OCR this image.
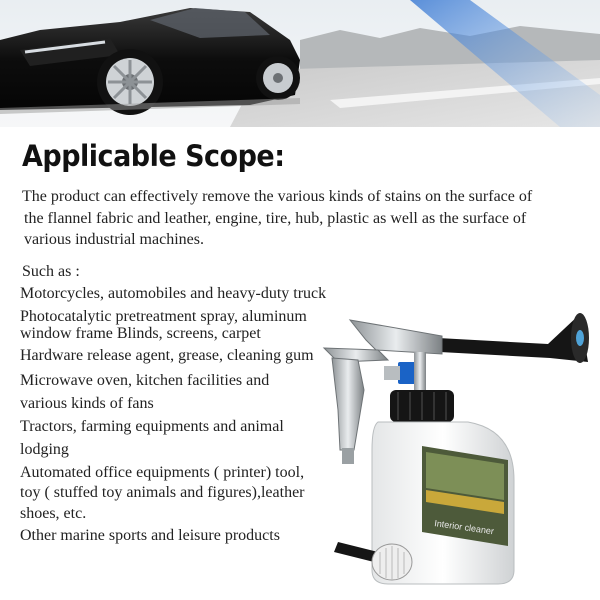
Applicable Scope:
The product can effectively remove the various kinds of stains on the surface of
the flannel fabric and leather, engine, tire, hub, plastic as well as the surface of
various industrial machines.

Such as :

Motorcycles, automobiles and heavy-duty truck
Photocatalytic pretreatment spray, aluminum
window frame Blinds, screens, carpet
Hardware release agent, grease, cleaning gum
Microwave oven, kitchen facilities and
various kinds of fans
Tractors, farming equipments and animal
lodging
Automated office equipments ( printer) tool,
toy ( stuffed toy animals and figures),leather
shoes, etc.
Other marine sports and leisure products	Interior cleaner
